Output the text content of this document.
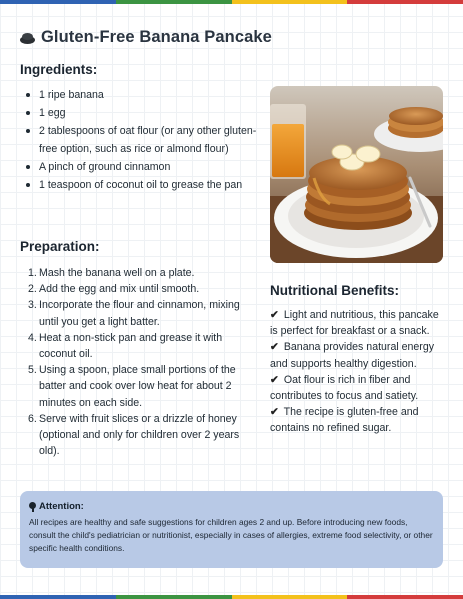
Gluten-Free Banana Pancake
Ingredients:
1 ripe banana
1 egg
2 tablespoons of oat flour (or any other gluten-free option, such as rice or almond flour)
A pinch of ground cinnamon
1 teaspoon of coconut oil to grease the pan
Preparation:
1. Mash the banana well on a plate.
2. Add the egg and mix until smooth.
3. Incorporate the flour and cinnamon, mixing until you get a light batter.
4. Heat a non-stick pan and grease it with coconut oil.
5. Using a spoon, place small portions of the batter and cook over low heat for about 2 minutes on each side.
6. Serve with fruit slices or a drizzle of honey (optional and only for children over 2 years old).
Nutritional Benefits:
✔ Light and nutritious, this pancake is perfect for breakfast or a snack.
✔ Banana provides natural energy and supports healthy digestion.
✔ Oat flour is rich in fiber and contributes to focus and satiety.
✔ The recipe is gluten-free and contains no refined sugar.
Attention:
All recipes are healthy and safe suggestions for children ages 2 and up. Before introducing new foods, consult the child's pediatrician or nutritionist, especially in cases of allergies, extreme food selectivity, or other specific health conditions.
